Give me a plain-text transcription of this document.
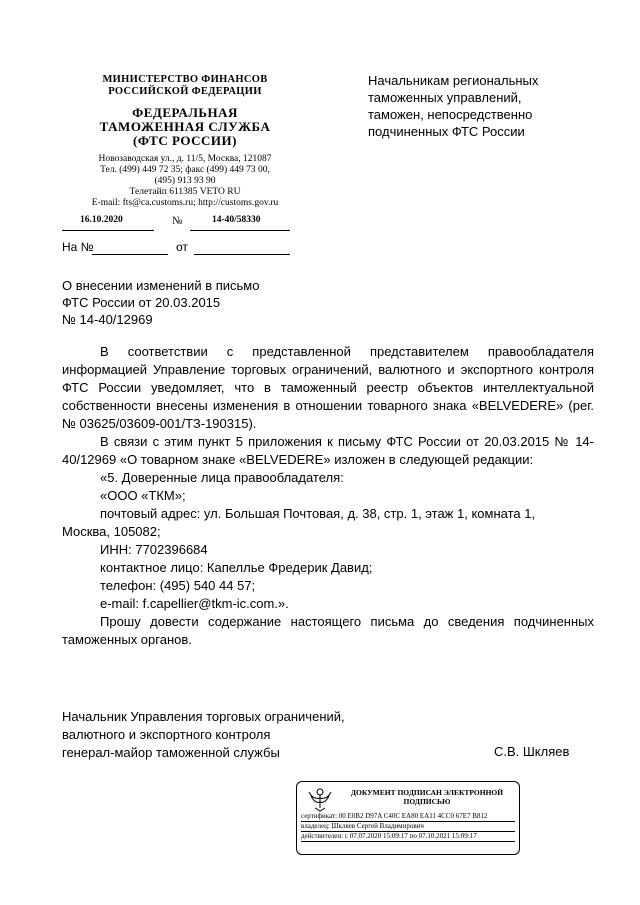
МИНИСТЕРСТВО ФИНАНСОВ
РОССИЙСКОЙ ФЕДЕРАЦИИ
ФЕДЕРАЛЬНАЯ
ТАМОЖЕННАЯ СЛУЖБА
(ФТС РОССИИ)
Новозаводская ул., д. 11/5, Москва, 121087
Тел. (499) 449 72 35; факс (499) 449 73 00,
(495) 913 93 90
Телетайп 611385 VETO RU
E-mail: fts@ca.customs.ru; http://customs.gov.ru
16.10.2020	№	14-40/58330
На №	от
Начальникам региональных
таможенных управлений,
таможен, непосредственно
подчиненных ФТС России
О внесении изменений в письмо
ФТС России от 20.03.2015
№ 14-40/12969

В соответствии с представленной представителем правообладателя информацией Управление торговых ограничений, валютного и экспортного контроля ФТС России уведомляет, что в таможенный реестр объектов интеллектуальной собственности внесены изменения в отношении товарного знака «BELVEDERE» (рег. № 03625/03609-001/ТЗ-190315).

В связи с этим пункт 5 приложения к письму ФТС России от 20.03.2015 № 14-40/12969 «О товарном знаке «BELVEDERE» изложен в следующей редакции:

«5. Доверенные лица правообладателя:

«ООО «ТКМ»;

почтовый адрес: ул. Большая Почтовая, д. 38, стр. 1, этаж 1, комната 1,

Москва, 105082;

ИНН: 7702396684

контактное лицо: Капеллье Фредерик Давид;

телефон: (495) 540 44 57;

e-mail: f.capellier@tkm-ic.com.».

Прошу довести содержание настоящего письма до сведения подчиненных таможенных органов.

Начальник Управления торговых ограничений,
валютного и экспортного контроля
генерал-майор таможенной службы	С.В. Шкляев
ДОКУМЕНТ ПОДПИСАН ЭЛЕКТРОННОЙ ПОДПИСЬЮ
сертификат: 00 E0B2 D97A C40C EA80 EA11 4CC0 67E7 B812
владелец: Шкляев Сергей Владимирович
действителен: с 07.07.2020 15:09:17 по 07.10.2021 15:09:17
